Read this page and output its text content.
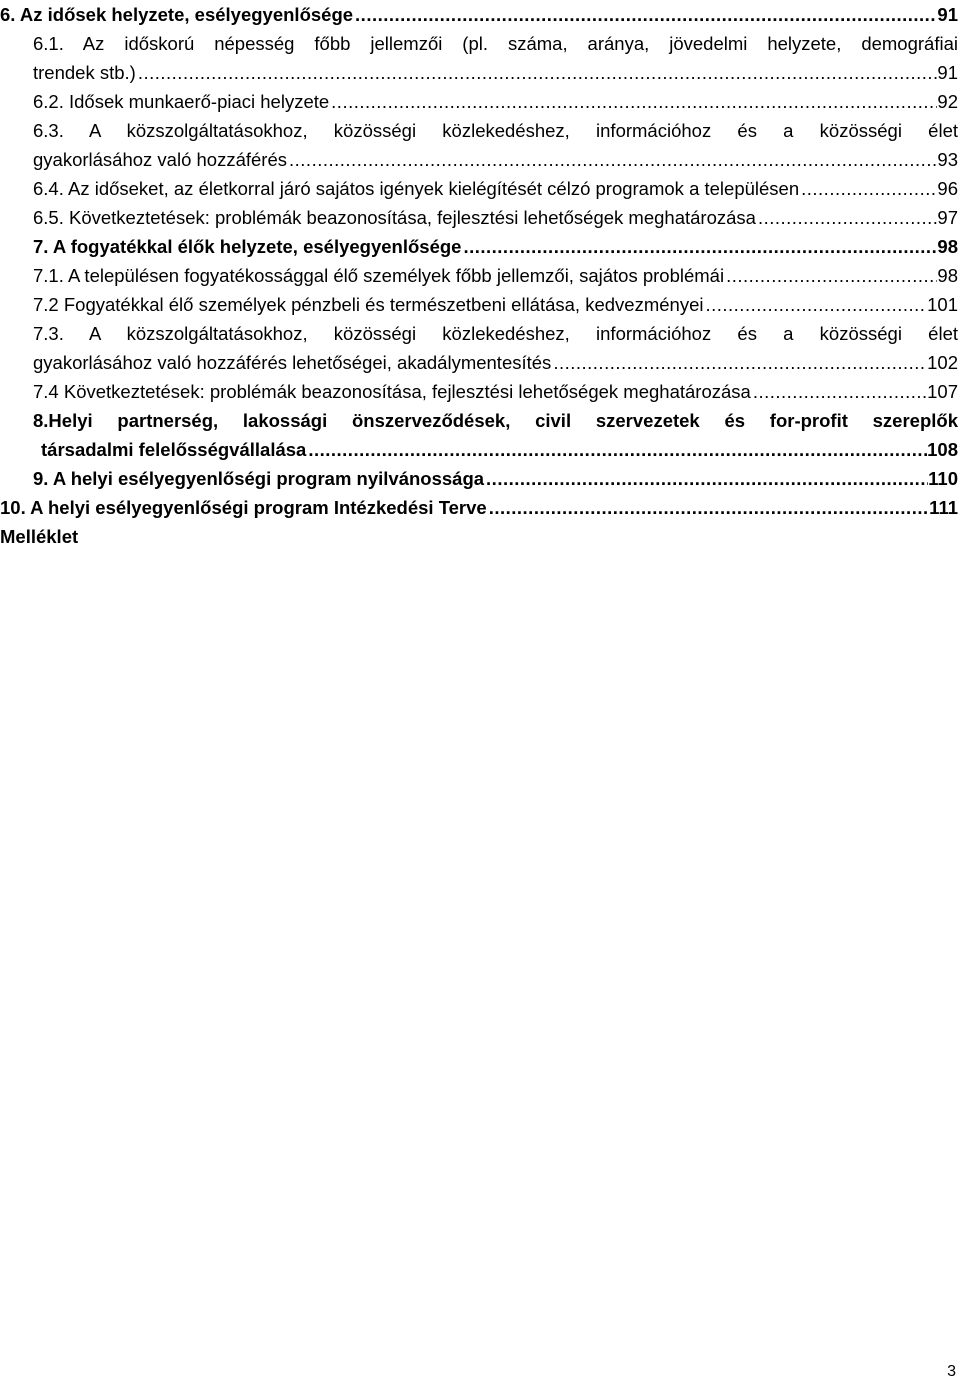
6. Az idősek helyzete, esélyegyenlősége .....	91
6.1. Az időskorú népesség főbb jellemzői (pl. száma, aránya, jövedelmi helyzete, demográfiai
trendek stb.) .....	91
6.2. Idősek munkaerő-piaci helyzete .....	92
6.3. A közszolgáltatásokhoz, közösségi közlekedéshez, információhoz és a közösségi élet
gyakorlásához való hozzáférés .....	93
6.4. Az időseket, az életkorral járó sajátos igények kielégítését célzó programok a településen .....	96
6.5. Következtetések: problémák beazonosítása, fejlesztési lehetőségek meghatározása .....	97
7. A fogyatékkal élők helyzete, esélyegyenlősége .....	98
7.1. A településen fogyatékossággal élő személyek főbb jellemzői, sajátos problémái .....	98
7.2 Fogyatékkal élő személyek pénzbeli és természetbeni ellátása, kedvezményei .....	101
7.3. A közszolgáltatásokhoz, közösségi közlekedéshez, információhoz és a közösségi élet
gyakorlásához való hozzáférés lehetőségei, akadálymentesítés .....	102
7.4 Következtetések: problémák beazonosítása, fejlesztési lehetőségek meghatározása .....	107
8.Helyi partnerség, lakossági önszerveződések, civil szervezetek és for-profit szereplők
társadalmi felelősségvállalása .....	108
9. A helyi esélyegyenlőségi program nyilvánossága .....	110
10. A helyi esélyegyenlőségi program Intézkedési Terve .....	111
Melléklet
3
